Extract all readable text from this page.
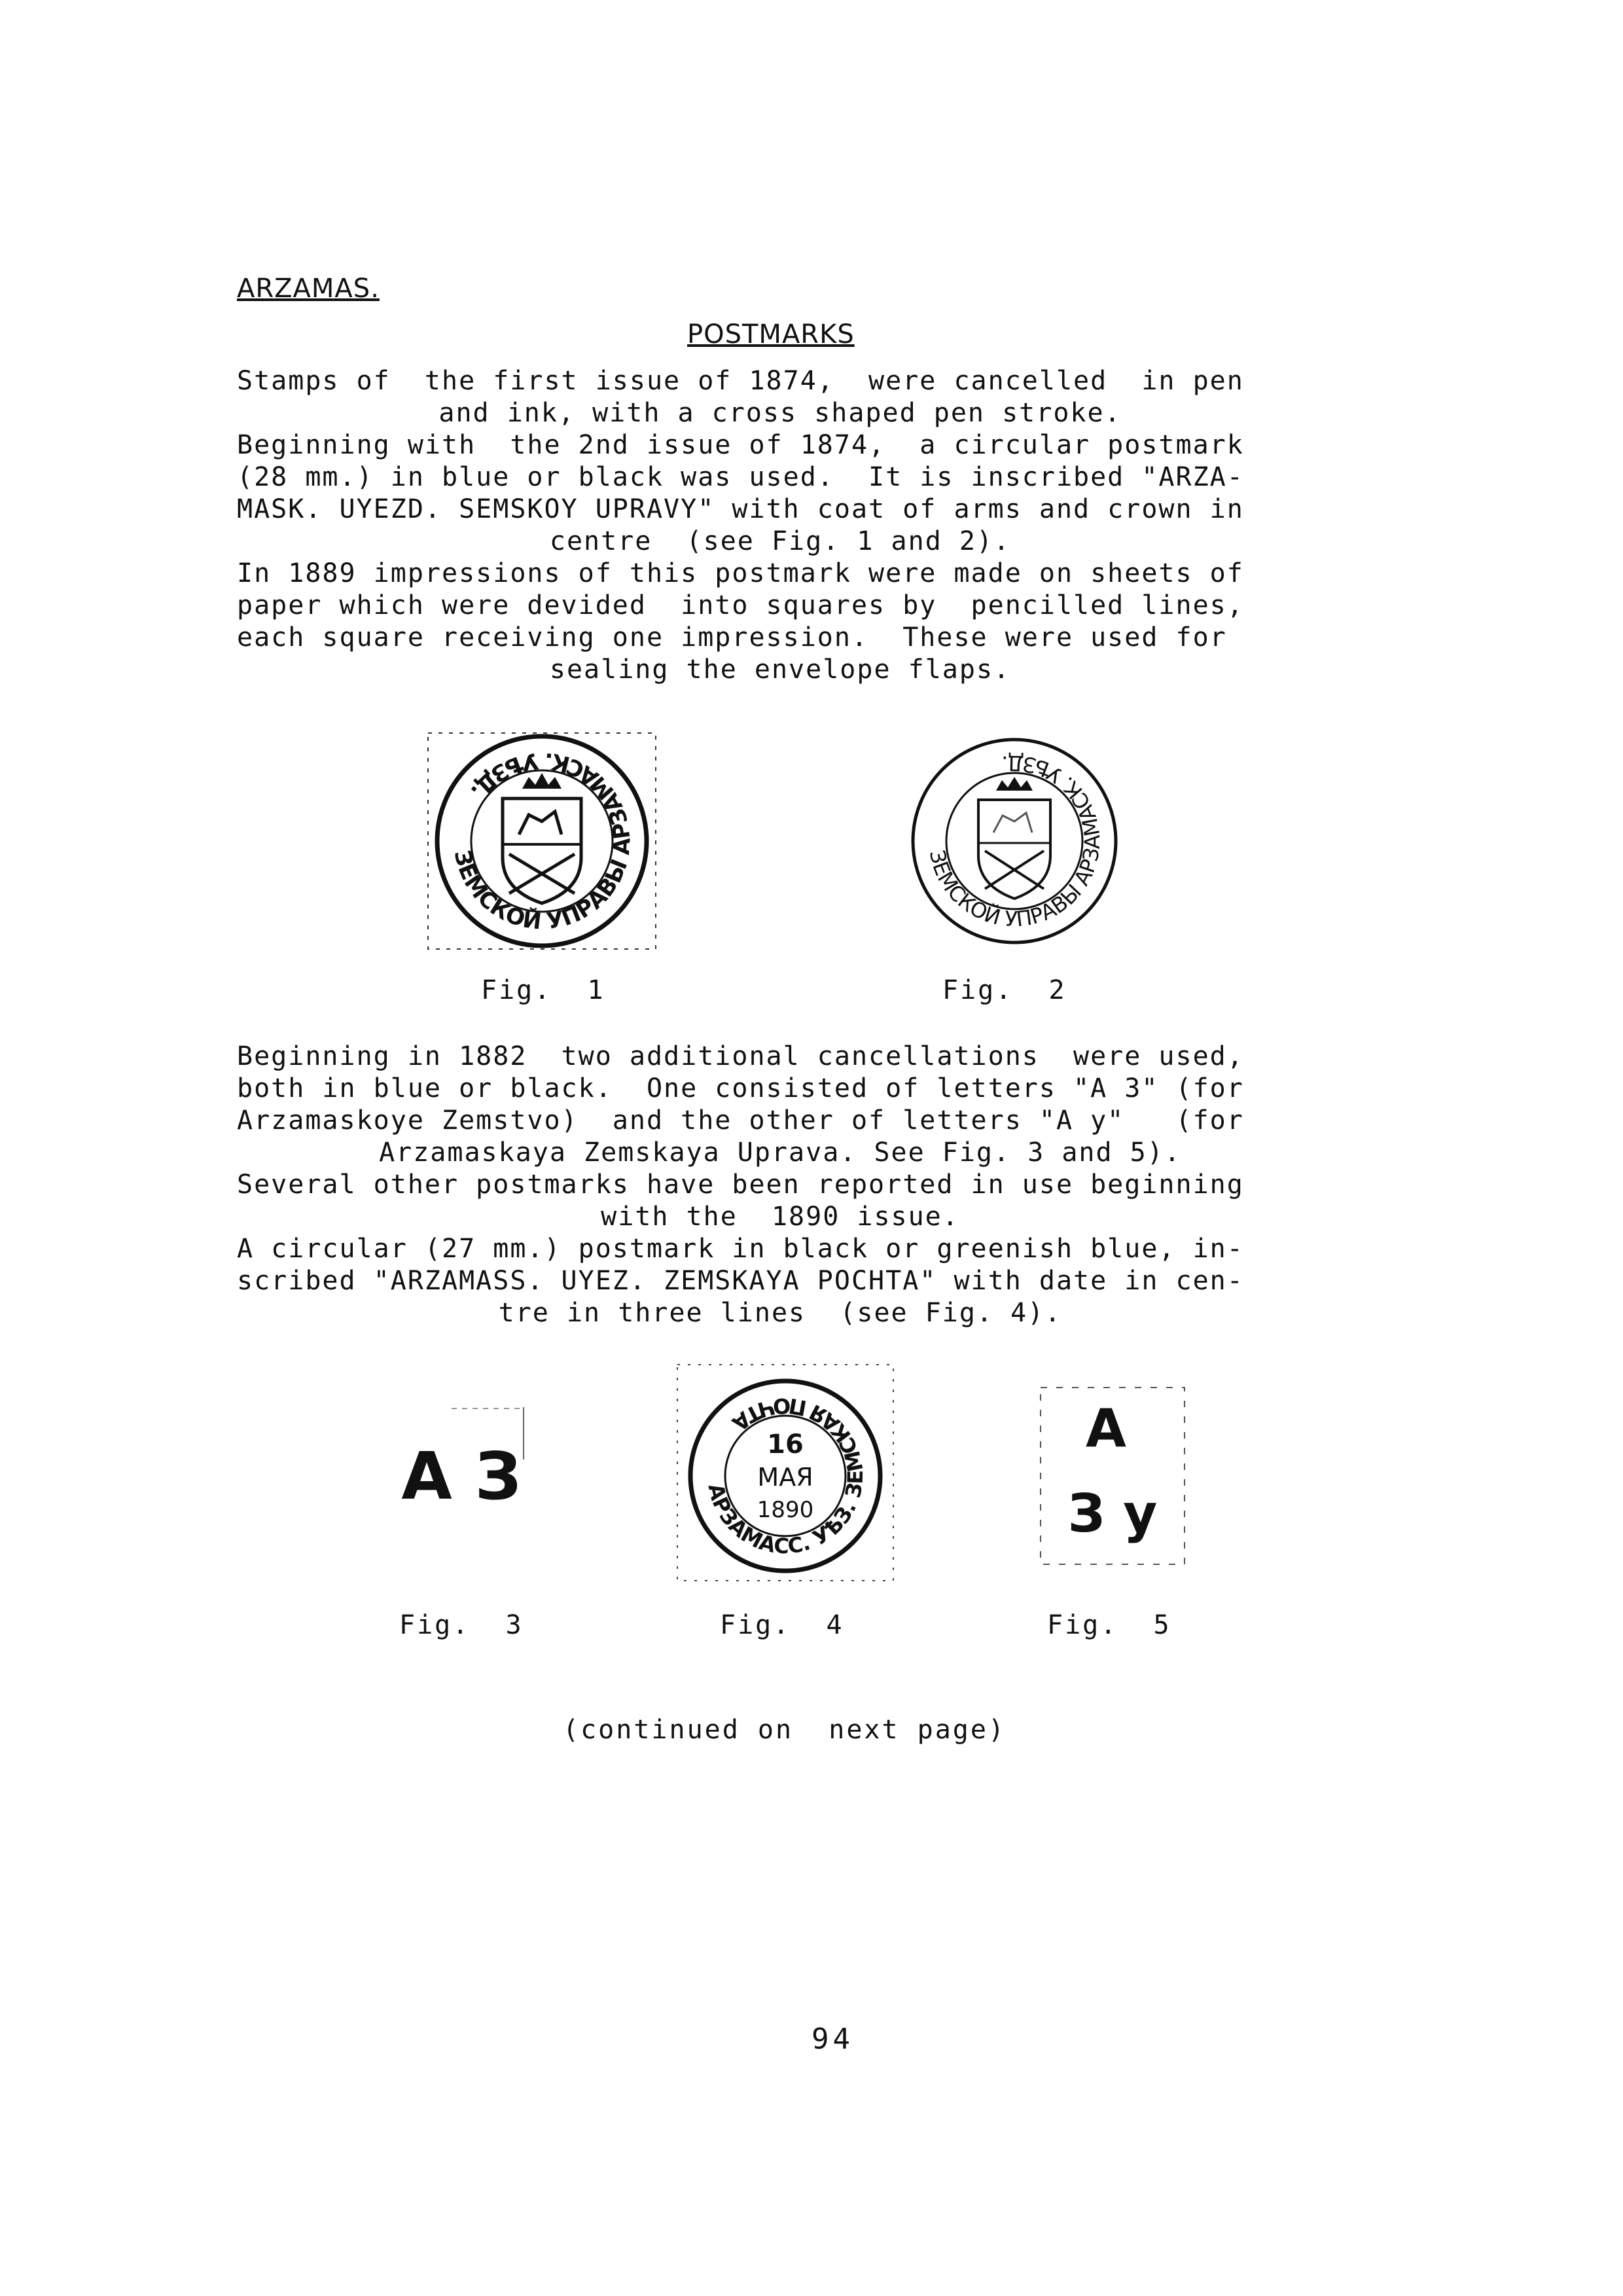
ARZAMAS.
POSTMARKS
Stamps of  the first issue of 1874,  were cancelled  in pen
and ink, with a cross shaped pen stroke.
Beginning with  the 2nd issue of 1874,  a circular postmark
(28 mm.) in blue or black was used.  It is inscribed "ARZA-
MASK. UYEZD. SEMSKOY UPRAVY" with coat of arms and crown in
centre  (see Fig. 1 and 2).
In 1889 impressions of this postmark were made on sheets of
paper which were devided  into squares by  pencilled lines,
each square receiving one impression.  These were used for
sealing the envelope flaps.
ЗЕМСКОЙ УПРАВЫ АРЗАМАСК. УѢЗД.
Fig.  1
ЗЕМСКОЙ УПРАВЫ АРЗАМАСК. УѢЗД.
Fig.  2
Beginning in 1882  two additional cancellations  were used,
both in blue or black.  One consisted of letters "A 3" (for
Arzamaskoye Zemstvo)  and the other of letters "A y"   (for
Arzamaskaya Zemskaya Uprava. See Fig. 3 and 5).
Several other postmarks have been reported in use beginning
with the  1890 issue.
A circular (27 mm.) postmark in black or greenish blue, in-
scribed "ARZAMASS. UYEZ. ZEMSKAYA POCHTA" with date in cen-
tre in three lines  (see Fig. 4).
А З
Fig.  3
АРЗАМАСС. УѢЗ. ЗЕМСКАЯ ПОЧТА
16
МАЯ
1890
Fig.  4
А
З у
Fig.  5
(continued on  next page)
94
